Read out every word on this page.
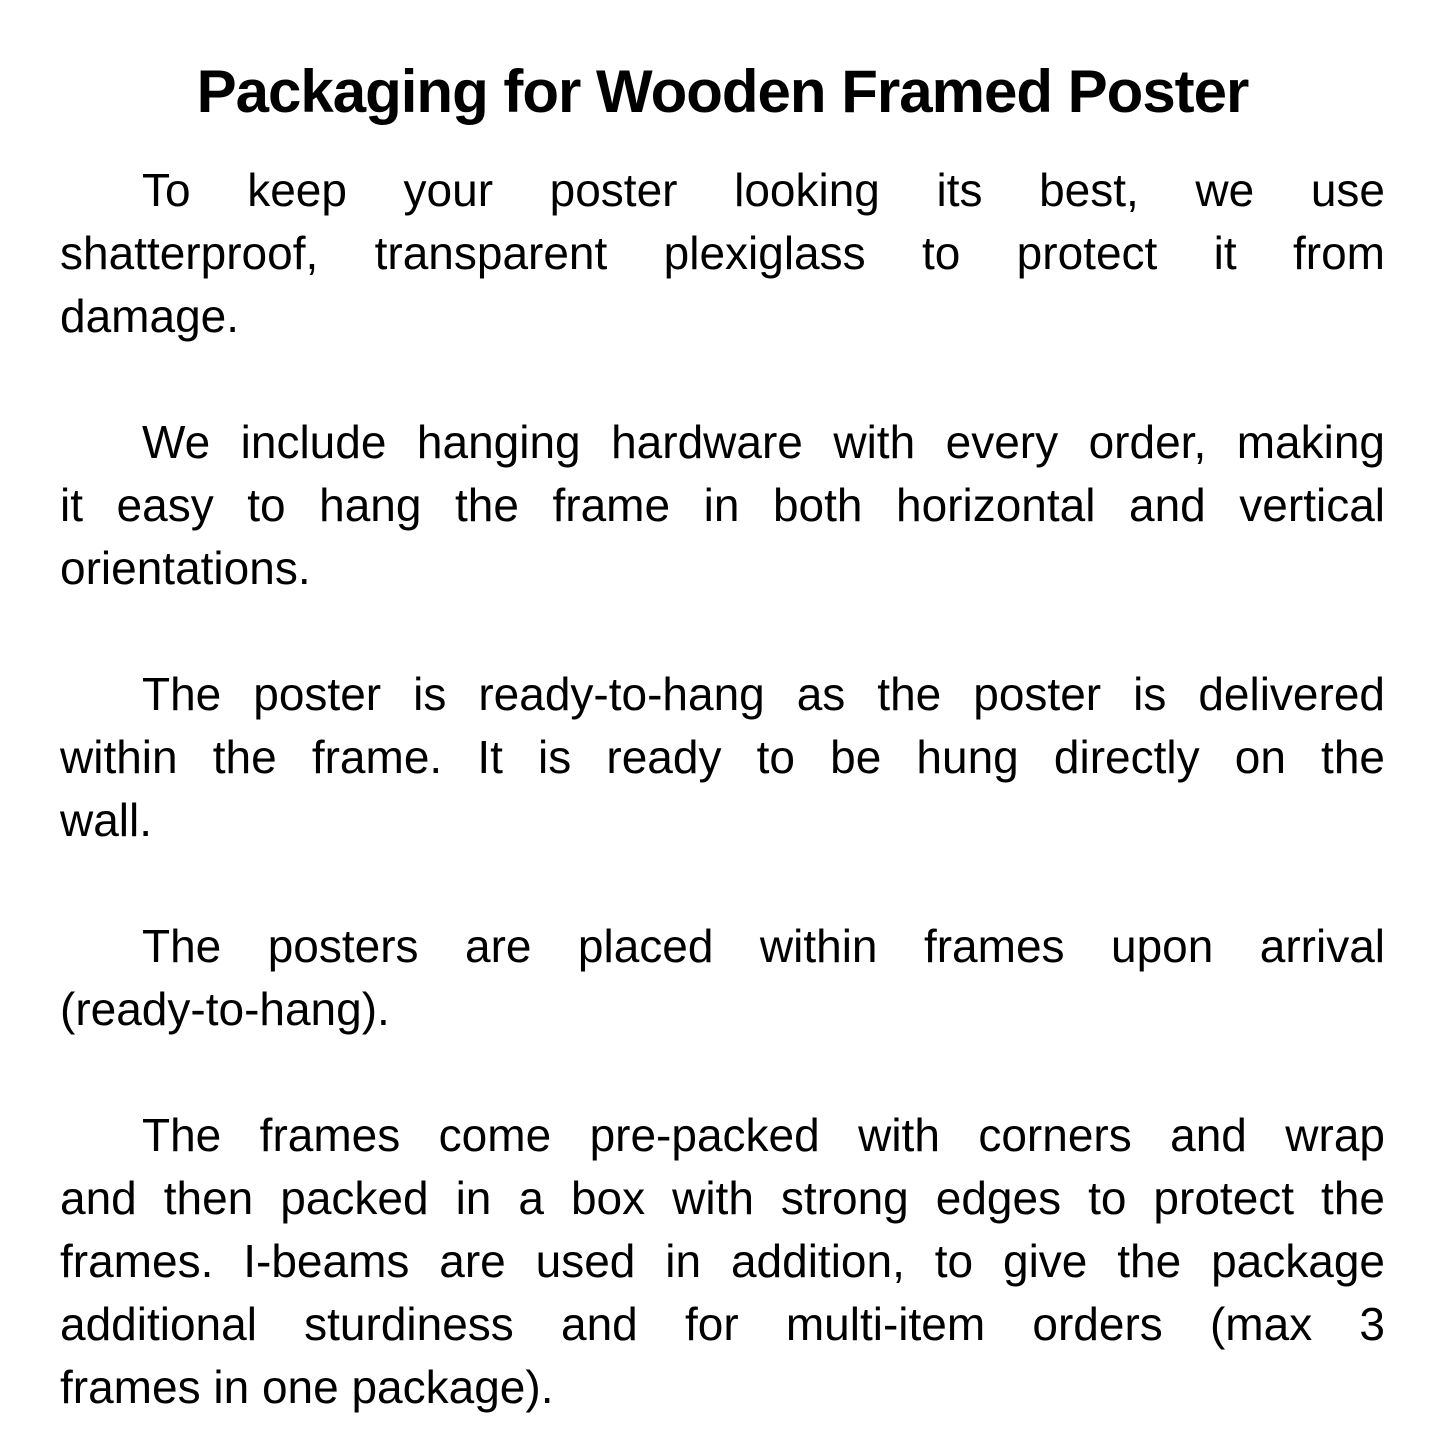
Packaging for Wooden Framed Poster
To keep your poster looking its best, we use
shatterproof, transparent plexiglass to protect it from
damage.
We include hanging hardware with every order, making
it easy to hang the frame in both horizontal and vertical
orientations.
The poster is ready-to-hang as the poster is delivered
within the frame. It is ready to be hung directly on the
wall.
The posters are placed within frames upon arrival
(ready-to-hang).
The frames come pre-packed with corners and wrap
and then packed in a box with strong edges to protect the
frames. I-beams are used in addition, to give the package
additional sturdiness and for multi-item orders (max 3
frames in one package).
